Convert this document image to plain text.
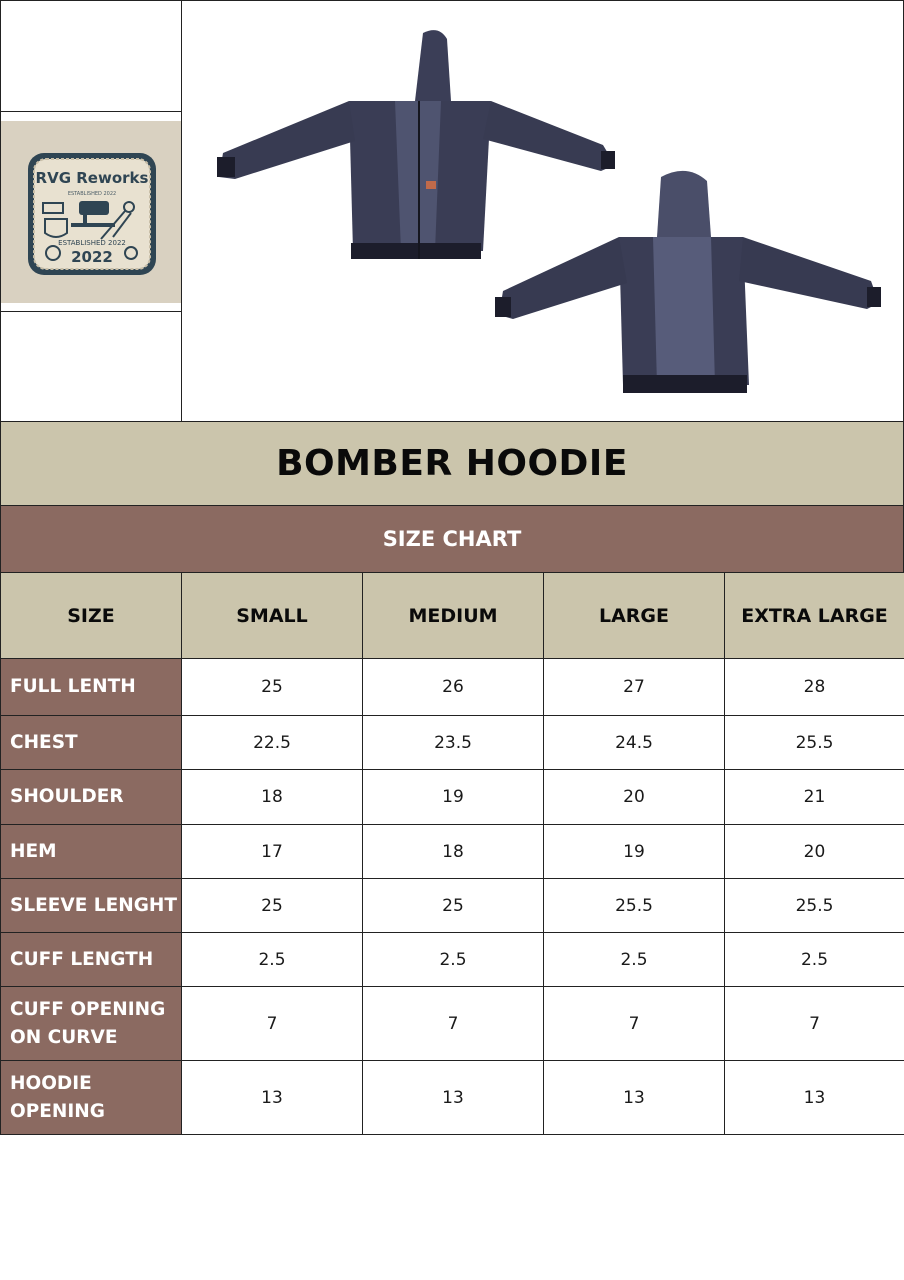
RVG Reworks
ESTABLISHED 2022
ESTABLISHED 2022
2022
BOMBER HOODIE
SIZE CHART
SIZE	SMALL	MEDIUM	LARGE	EXTRA LARGE
FULL LENTH	25	26	27	28
CHEST	22.5	23.5	24.5	25.5
SHOULDER	18	19	20	21
HEM	17	18	19	20
SLEEVE LENGHT	25	25	25.5	25.5
CUFF LENGTH	2.5	2.5	2.5	2.5

CUFF OPENING
ON CURVE	7	7	7	7

HOODIE
OPENING	13	13	13	13
